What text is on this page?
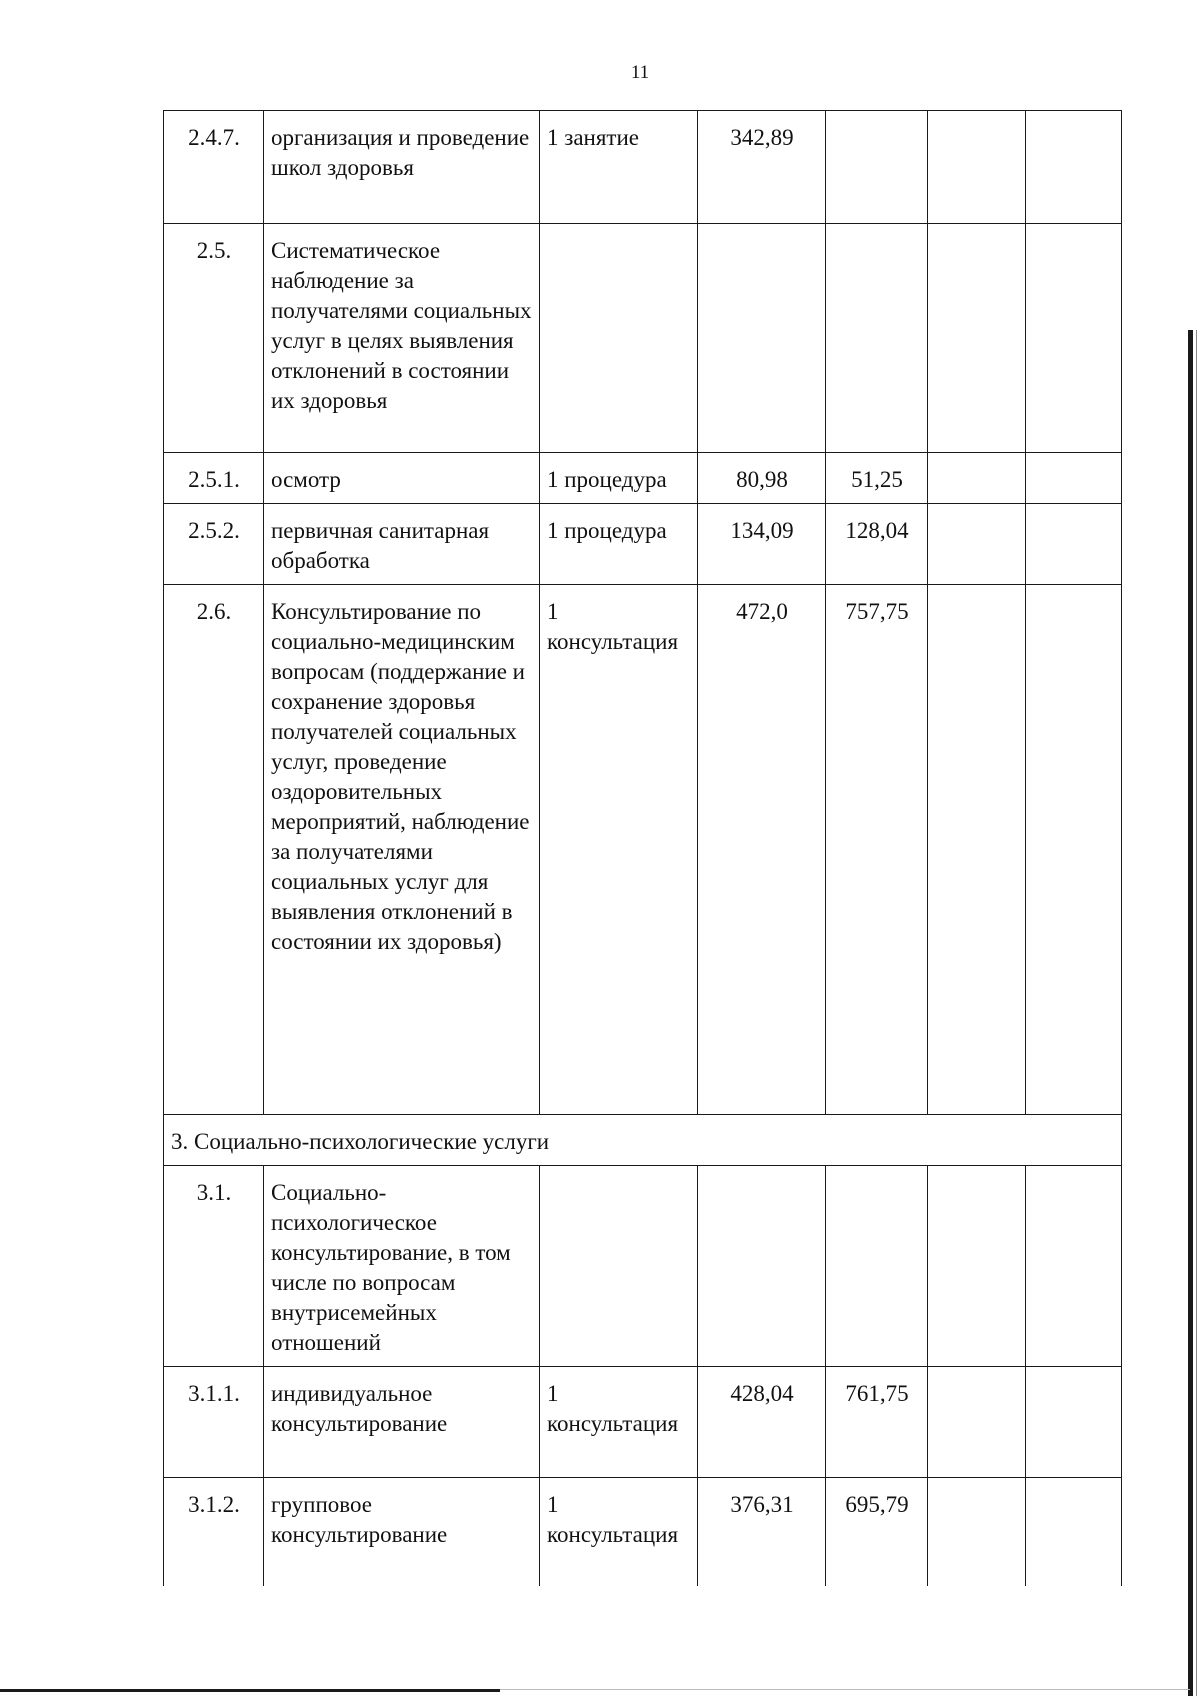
11
2.4.7.	организация и проведение школ здоровья	1 занятие	342,89			
2.5.	Систематическое наблюдение за получателями социальных услуг в целях выявления отклонений в состоянии их здоровья					
2.5.1.	осмотр	1 процедура	80,98	51,25		
2.5.2.	первичная санитарная обработка	1 процедура	134,09	128,04		
2.6.	Консультирование по социально-медицинским вопросам (поддержание и сохранение здоровья получателей социальных услуг, проведение оздоровительных мероприятий, наблюдение за получателями социальных услуг для выявления отклонений в состоянии их здоровья)	1 консультация	472,0	757,75		
3. Социально-психологические услуги						
3.1.	Социально-психологическое консультирование, в том числе по вопросам внутрисемейных отношений					
3.1.1.	индивидуальное консультирование	1 консультация	428,04	761,75		
3.1.2.	групповое консультирование	1 консультация	376,31	695,79		
